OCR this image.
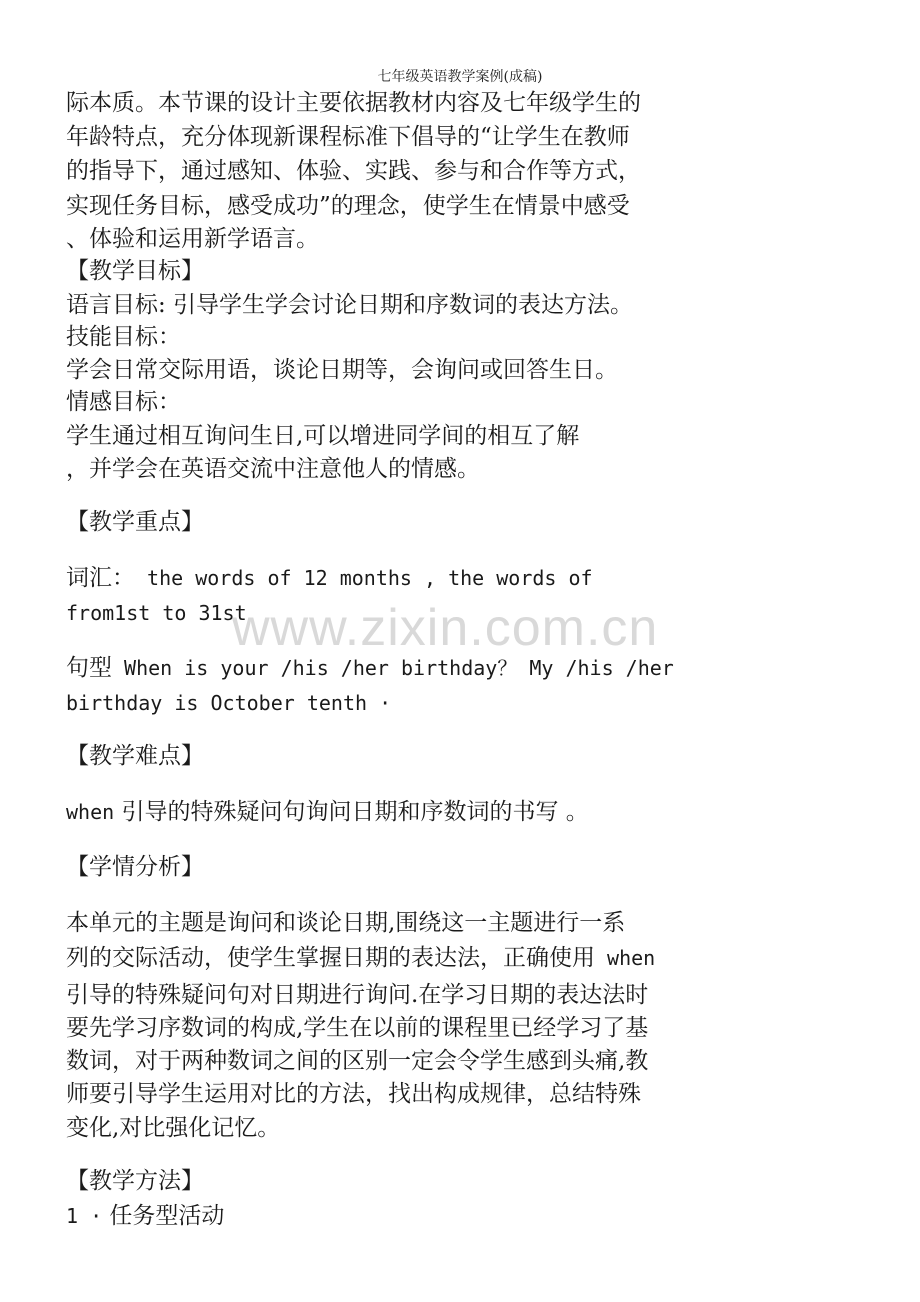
七年级英语教学案例(成稿)
www.zixin.com.cn
际本质。本节课的设计主要依据教材内容及七年级学生的
年龄特点，充分体现新课程标准下倡导的“让学生在教师
的指导下，通过感知、体验、实践、参与和合作等方式，
实现任务目标，感受成功”的理念，使学生在情景中感受
、体验和运用新学语言。
【教学目标】
语言目标: 引导学生学会讨论日期和序数词的表达方法。
技能目标：
学会日常交际用语，谈论日期等，会询问或回答生日。
情感目标：
学生通过相互询问生日,可以增进同学间的相互了解
，并学会在英语交流中注意他人的情感。
【教学重点】
词汇： the words of 12 months , the words of
from1st to 31st
句型 When is your /his /her birthday？ My /his /her
birthday is October tenth ·
【教学难点】
when 引导的特殊疑问句询问日期和序数词的书写 。
【学情分析】
本单元的主题是询问和谈论日期,围绕这一主题进行一系
列的交际活动，使学生掌握日期的表达法，正确使用 when
引导的特殊疑问句对日期进行询问.在学习日期的表达法时
要先学习序数词的构成,学生在以前的课程里已经学习了基
数词，对于两种数词之间的区别一定会令学生感到头痛,教
师要引导学生运用对比的方法，找出构成规律，总结特殊
变化,对比强化记忆。
【教学方法】
1 · 任务型活动
